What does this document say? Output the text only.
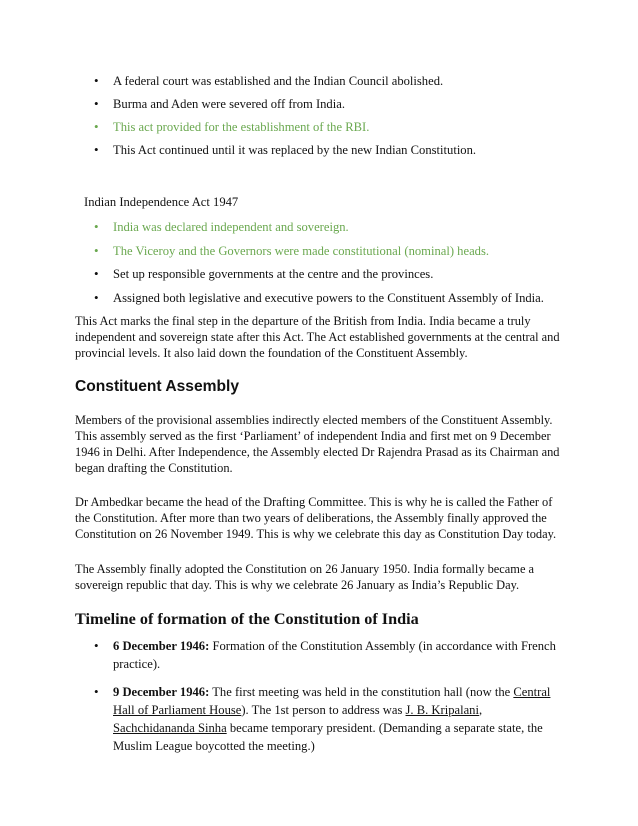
• A federal court was established and the Indian Council abolished.
• Burma and Aden were severed off from India.
• This act provided for the establishment of the RBI.
• This Act continued until it was replaced by the new Indian Constitution.
Indian Independence Act 1947
• India was declared independent and sovereign.
• The Viceroy and the Governors were made constitutional (nominal) heads.
• Set up responsible governments at the centre and the provinces.
• Assigned both legislative and executive powers to the Constituent Assembly of India.

This Act marks the final step in the departure of the British from India. India became a truly independent and sovereign state after this Act. The Act established governments at the central and provincial levels. It also laid down the foundation of the Constituent Assembly.

Constituent Assembly

Members of the provisional assemblies indirectly elected members of the Constituent Assembly. This assembly served as the first ‘Parliament’ of independent India and first met on 9 December 1946 in Delhi. After Independence, the Assembly elected Dr Rajendra Prasad as its Chairman and began drafting the Constitution.

Dr Ambedkar became the head of the Drafting Committee. This is why he is called the Father of the Constitution. After more than two years of deliberations, the Assembly finally approved the Constitution on 26 November 1949. This is why we celebrate this day as Constitution Day today.

The Assembly finally adopted the Constitution on 26 January 1950. India formally became a sovereign republic that day. This is why we celebrate 26 January as India’s Republic Day.

Timeline of formation of the Constitution of India
• 6 December 1946: Formation of the Constitution Assembly (in accordance with French practice).
• 9 December 1946: The first meeting was held in the constitution hall (now the Central Hall of Parliament House). The 1st person to address was J. B. Kripalani, Sachchidananda Sinha became temporary president. (Demanding a separate state, the Muslim League boycotted the meeting.)
